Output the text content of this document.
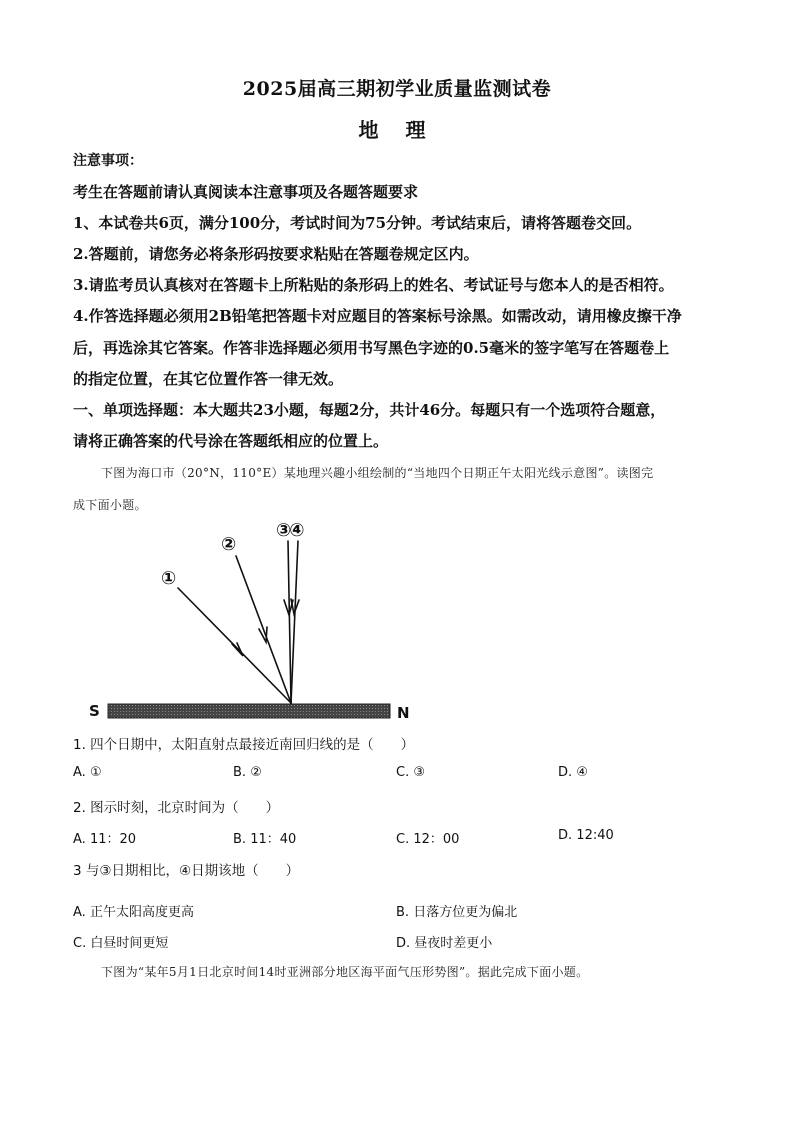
2025届高三期初学业质量监测试卷
地 理
注意事项：
考生在答题前请认真阅读本注意事项及各题答题要求
1、本试卷共6页，满分100分，考试时间为75分钟。考试结束后，请将答题卷交回。
2.答题前，请您务必将条形码按要求粘贴在答题卷规定区内。
3.请监考员认真核对在答题卡上所粘贴的条形码上的姓名、考试证号与您本人的是否相符。
4.作答选择题必须用2B铅笔把答题卡对应题目的答案标号涂黑。如需改动，请用橡皮擦干净
后，再选涂其它答案。作答非选择题必须用书写黑色字迹的0.5毫米的签字笔写在答题卷上
的指定位置，在其它位置作答一律无效。
一、单项选择题：本大题共23小题，每题2分，共计46分。每题只有一个选项符合题意，
请将正确答案的代号涂在答题纸相应的位置上。
下图为海口市（20°N，110°E）某地理兴趣小组绘制的“当地四个日期正午太阳光线示意图”。读图完
成下面小题。
①
②
③④
S	N
1. 四个日期中，太阳直射点最接近南回归线的是（　　）
A. ①	B. ②	C. ③	D. ④
2. 图示时刻，北京时间为（　　）
A. 11：20	B. 11：40	C. 12：00	D. 12:40
3 与③日期相比，④日期该地（　　）
A. 正午太阳高度更高	B. 日落方位更为偏北
C. 白昼时间更短	D. 昼夜时差更小
下图为“某年5月1日北京时间14时亚洲部分地区海平面气压形势图”。据此完成下面小题。
